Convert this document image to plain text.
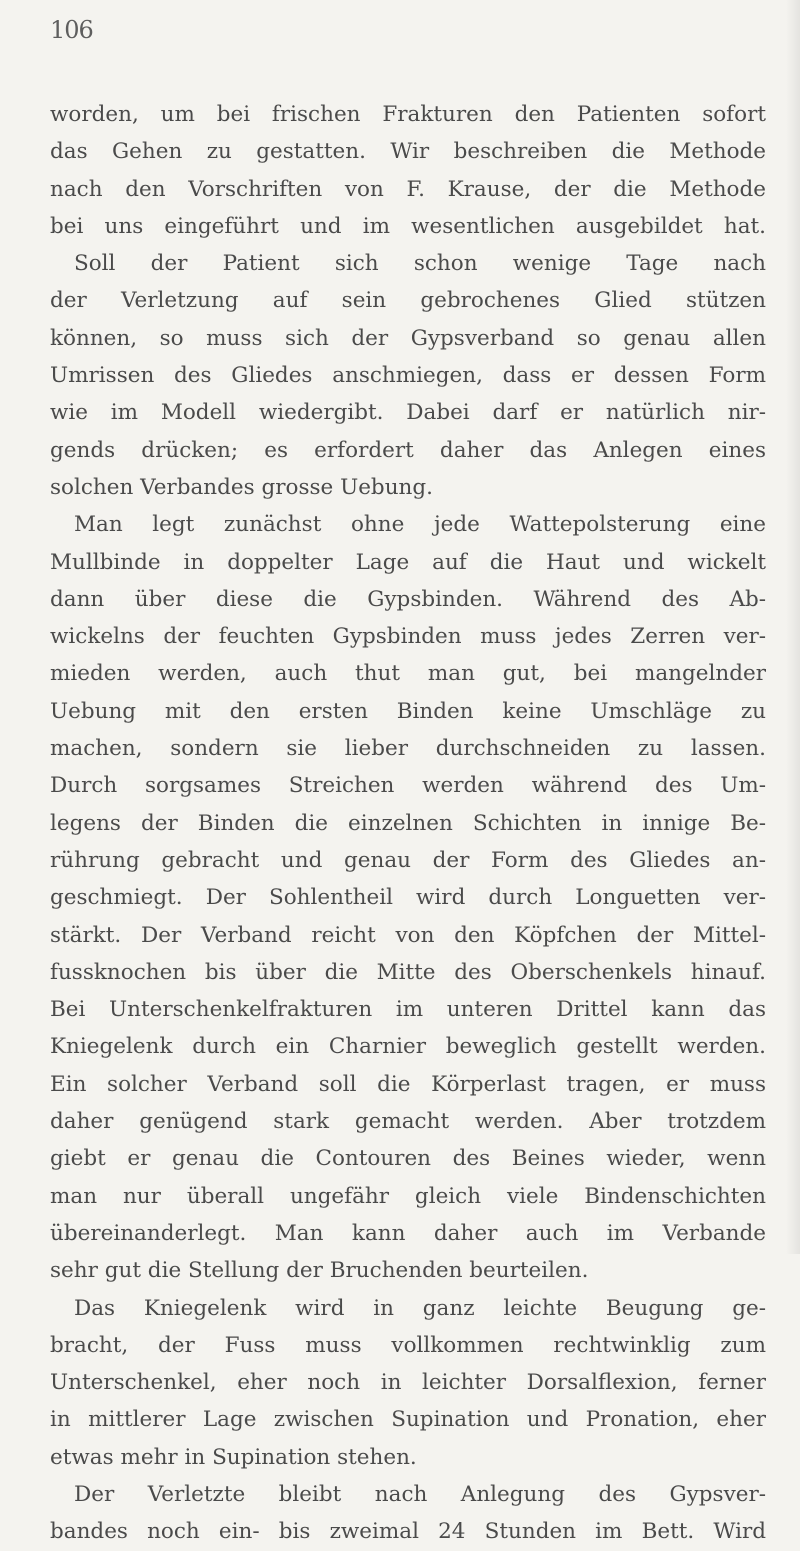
106
worden, um bei frischen Frakturen den Patienten sofort
das Gehen zu gestatten. Wir beschreiben die Methode
nach den Vorschriften von F. Krause, der die Methode
bei uns eingeführt und im wesentlichen ausgebildet hat.
Soll der Patient sich schon wenige Tage nach
der Verletzung auf sein gebrochenes Glied stützen
können, so muss sich der Gypsverband so genau allen
Umrissen des Gliedes anschmiegen, dass er dessen Form
wie im Modell wiedergibt. Dabei darf er natürlich nir-
gends drücken; es erfordert daher das Anlegen eines
solchen Verbandes grosse Uebung.
Man legt zunächst ohne jede Wattepolsterung eine
Mullbinde in doppelter Lage auf die Haut und wickelt
dann über diese die Gypsbinden. Während des Ab-
wickelns der feuchten Gypsbinden muss jedes Zerren ver-
mieden werden, auch thut man gut, bei mangelnder
Uebung mit den ersten Binden keine Umschläge zu
machen, sondern sie lieber durchschneiden zu lassen.
Durch sorgsames Streichen werden während des Um-
legens der Binden die einzelnen Schichten in innige Be-
rührung gebracht und genau der Form des Gliedes an-
geschmiegt. Der Sohlentheil wird durch Longuetten ver-
stärkt. Der Verband reicht von den Köpfchen der Mittel-
fussknochen bis über die Mitte des Oberschenkels hinauf.
Bei Unterschenkelfrakturen im unteren Drittel kann das
Kniegelenk durch ein Charnier beweglich gestellt werden.
Ein solcher Verband soll die Körperlast tragen, er muss
daher genügend stark gemacht werden. Aber trotzdem
giebt er genau die Contouren des Beines wieder, wenn
man nur überall ungefähr gleich viele Bindenschichten
übereinanderlegt. Man kann daher auch im Verbande
sehr gut die Stellung der Bruchenden beurteilen.
Das Kniegelenk wird in ganz leichte Beugung ge-
bracht, der Fuss muss vollkommen rechtwinklig zum
Unterschenkel, eher noch in leichter Dorsalflexion, ferner
in mittlerer Lage zwischen Supination und Pronation, eher
etwas mehr in Supination stehen.
Der Verletzte bleibt nach Anlegung des Gypsver-
bandes noch ein- bis zweimal 24 Stunden im Bett. Wird
